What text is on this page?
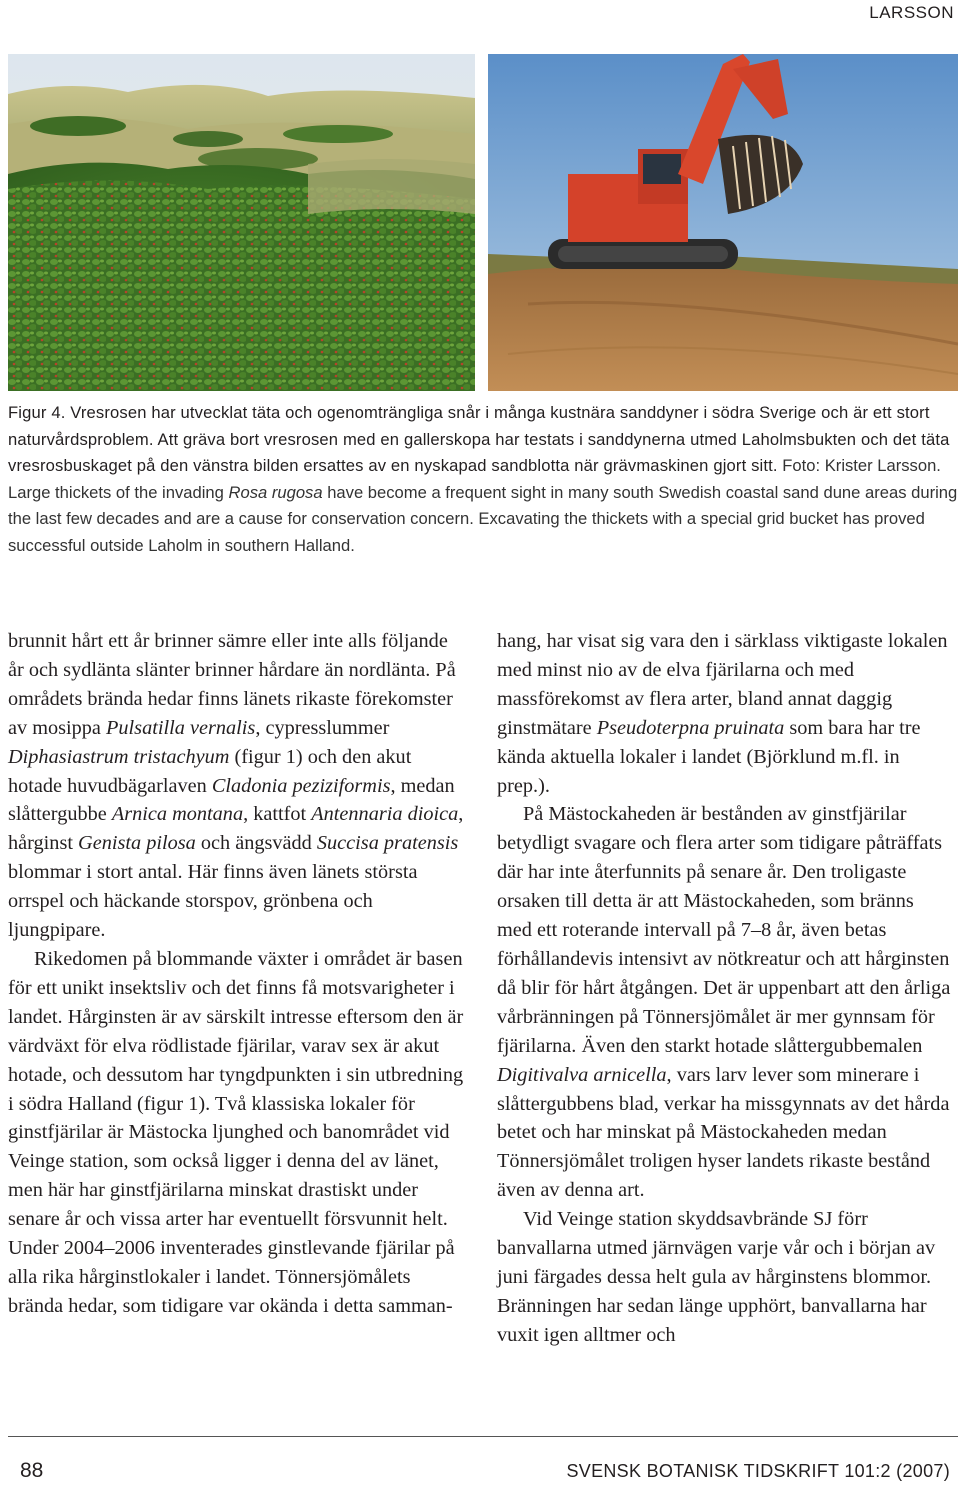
LARSSON
Figur 4. Vresrosen har utvecklat täta och ogenomträngliga snår i många kustnära sanddyner i södra Sverige och är ett stort naturvårdsproblem. Att gräva bort vresrosen med en gallerskopa har testats i sanddynerna utmed Laholmsbukten och det täta vresrosbuskaget på den vänstra bilden ersattes av en nyskapad sandblotta när grävmaskinen gjort sitt. Foto: Krister Larsson. Large thickets of the invading Rosa rugosa have become a frequent sight in many south Swedish coastal sand dune areas during the last few decades and are a cause for conservation concern. Excavating the thickets with a special grid bucket has proved successful outside Laholm in southern Halland.

brunnit hårt ett år brinner sämre eller inte alls följande år och sydlänta slänter brinner hårdare än nordlänta. På områdets brända hedar finns länets rikaste förekomster av mosippa Pulsatilla vernalis, cypresslummer Diphasiastrum tristachyum (figur 1) och den akut hotade huvudbägarlaven Cladonia peziziformis, medan slåttergubbe Arnica montana, kattfot Antennaria dioica, hårginst Genista pilosa och ängsvädd Succisa pratensis blommar i stort antal. Här finns även länets största orrspel och häckande storspov, grönbena och ljungpipare.

Rikedomen på blommande växter i området är basen för ett unikt insektsliv och det finns få motsvarigheter i landet. Hårginsten är av särskilt intresse eftersom den är värdväxt för elva rödlistade fjärilar, varav sex är akut hotade, och dessutom har tyngdpunkten i sin utbredning i södra Halland (figur 1). Två klassiska lokaler för ginstfjärilar är Mästocka ljunghed och banområdet vid Veinge station, som också ligger i denna del av länet, men här har ginstfjärilarna minskat drastiskt under senare år och vissa arter har eventuellt försvunnit helt. Under 2004–2006 inventerades ginstlevande fjärilar på alla rika hårginstlokaler i landet. Tönnersjömålets brända hedar, som tidigare var okända i detta samman-

hang, har visat sig vara den i särklass viktigaste lokalen med minst nio av de elva fjärilarna och med massförekomst av flera arter, bland annat daggig ginstmätare Pseudoterpna pruinata som bara har tre kända aktuella lokaler i landet (Björklund m.fl. in prep.).

På Mästockaheden är bestånden av ginstfjärilar betydligt svagare och flera arter som tidigare påträffats där har inte återfunnits på senare år. Den troligaste orsaken till detta är att Mästockaheden, som bränns med ett roterande intervall på 7–8 år, även betas förhållandevis intensivt av nötkreatur och att hårginsten då blir för hårt åtgången. Det är uppenbart att den årliga vårbränningen på Tönnersjömålet är mer gynnsam för fjärilarna. Även den starkt hotade slåttergubbemalen Digitivalva arnicella, vars larv lever som minerare i slåttergubbens blad, verkar ha missgynnats av det hårda betet och har minskat på Mästockaheden medan Tönnersjömålet troligen hyser landets rikaste bestånd även av denna art.

Vid Veinge station skyddsavbrände SJ förr banvallarna utmed järnvägen varje vår och i början av juni färgades dessa helt gula av hårginstens blommor. Bränningen har sedan länge upphört, banvallarna har vuxit igen alltmer och

88	SVENSK BOTANISK TIDSKRIFT 101:2 (2007)
